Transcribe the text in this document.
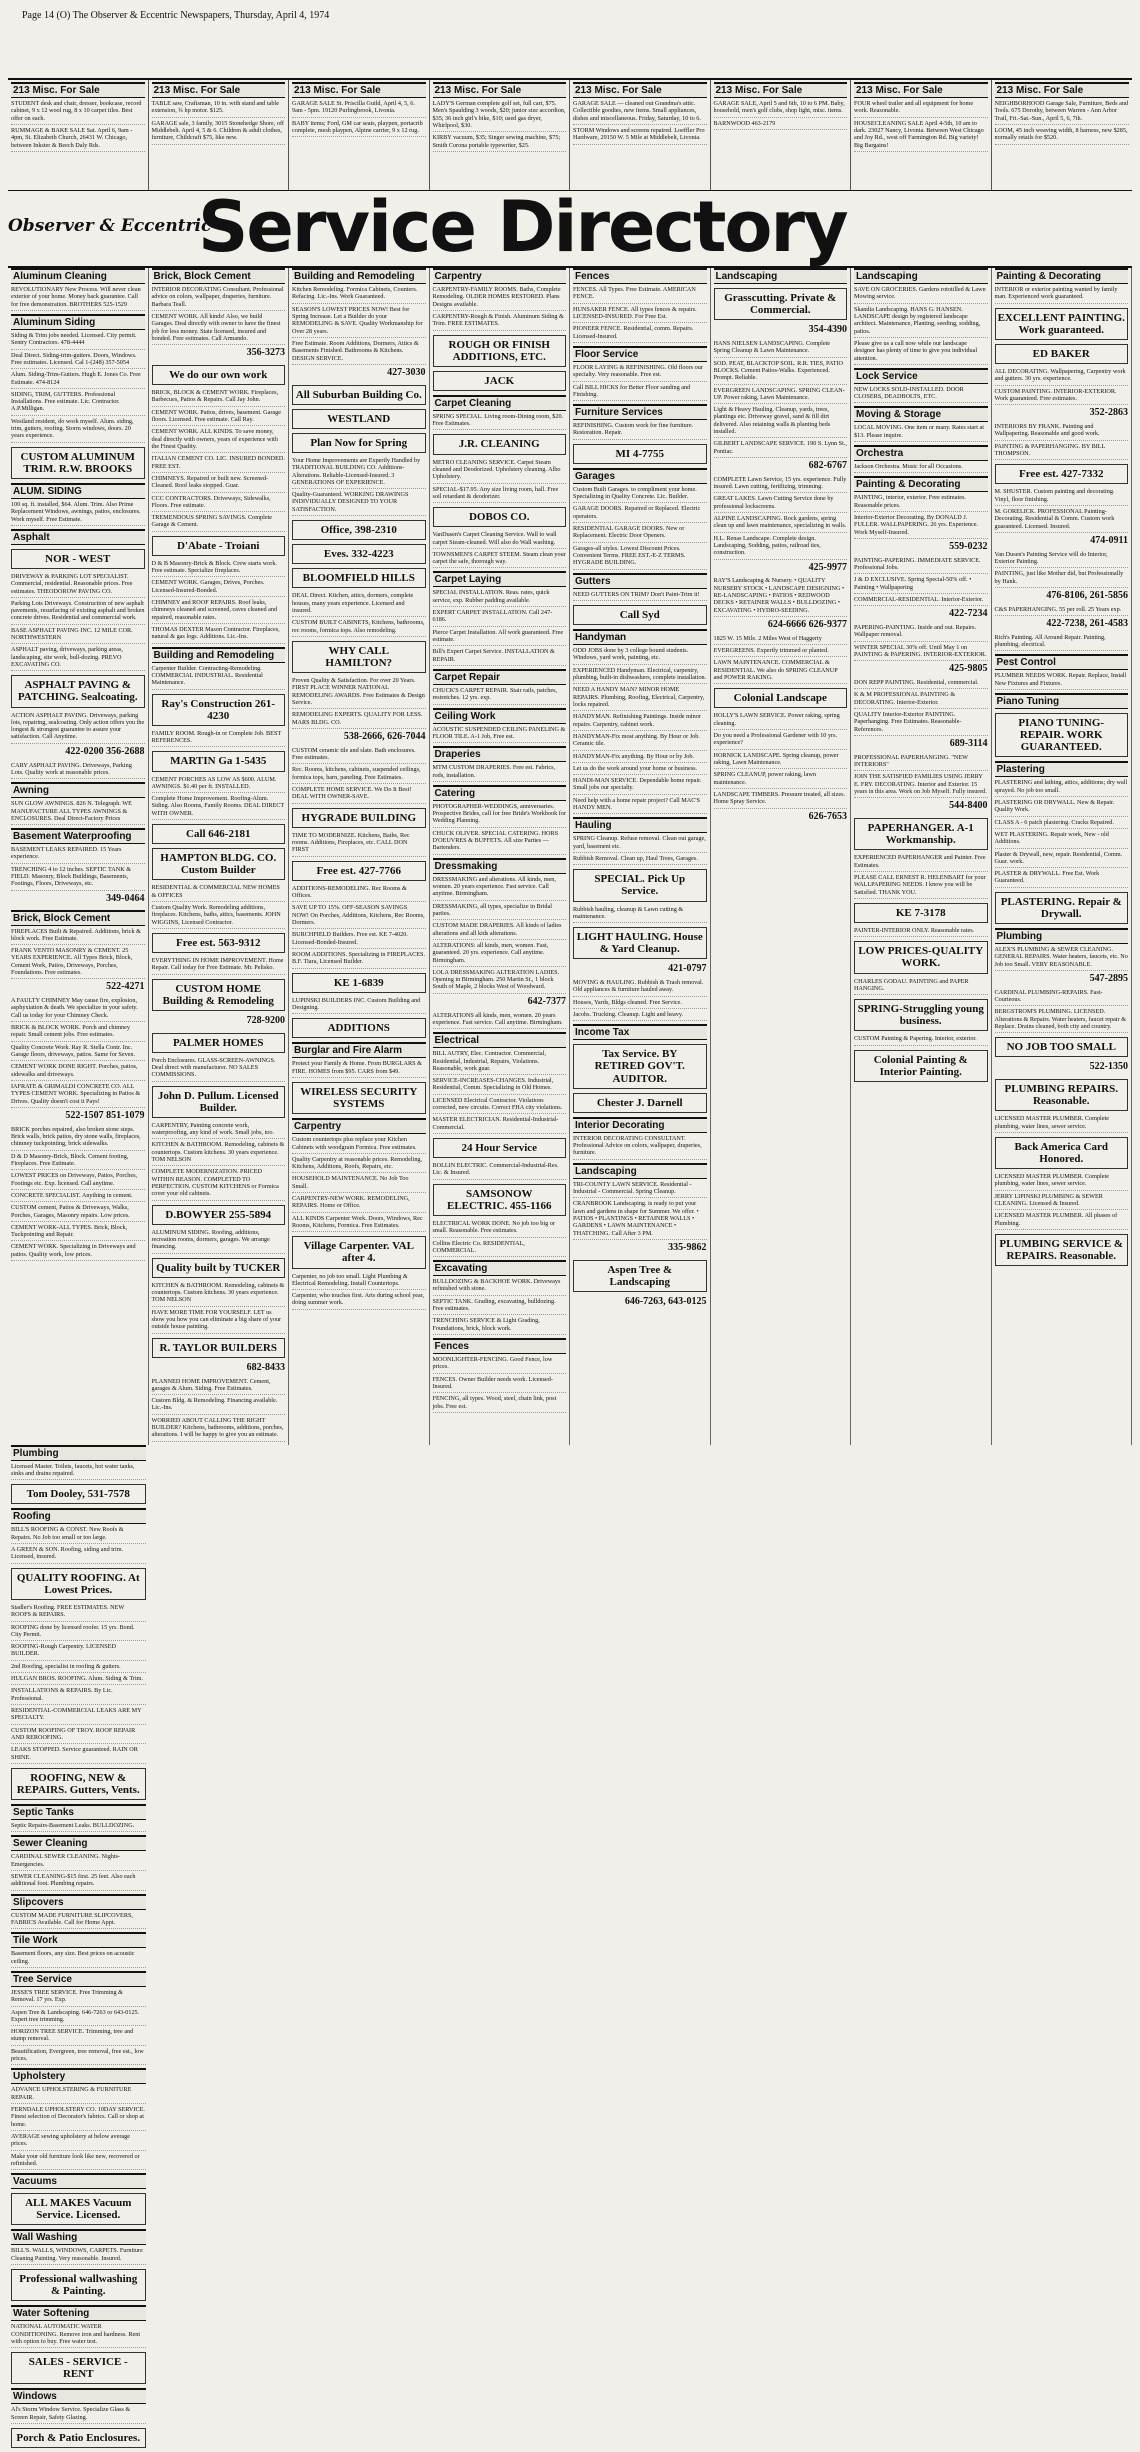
Page 14 (O) The Observer & Eccentric Newspapers, Thursday, April 4, 1974
213 Misc. For Sale
STUDENT desk and chair, dresser, bookcase, record cabinet, 9 x 12 wool rug, 8 x 10 carpet tiles. Best offer on each.
RUMMAGE & BAKE SALE Sat. April 6, 9am - 4pm, St. Elizabeth Church, 26431 W. Chicago, between Inkster & Beech Daly Rds.
213 Misc. For Sale
TABLE saw, Craftsman, 10 in. with stand and table extension, ¾ hp motor. $125.
GARAGE sale, 3 family, 3015 Stonehedge Shore, off Middlebelt. April 4, 5 & 6. Children & adult clothes, furniture, Childcraft $75, like new.
213 Misc. For Sale
GARAGE SALE St. Priscilla Guild, April 4, 5, 6. 9am - 5pm. 19120 Purlingbrook, Livonia.
BABY items; Ford, GM car seats, playpen, portacrib complete, mesh playpen, Alpine carrier, 9 x 12 rug.
213 Misc. For Sale
LADY'S German complete golf set, full cart, $75. Men's Spaulding 3 woods, $20; junior size accordion, $35; 36 inch girl's bike, $10; used gas dryer, Whirlpool, $30.
KIRBY vacuum, $35; Singer sewing machine, $75; Smith Corona portable typewriter, $25.
213 Misc. For Sale
GARAGE SALE — cleaned out Grandma's attic. Collectible goodies, new items. Small appliances, dishes and miscellaneous. Friday, Saturday, 10 to 6.
STORM Windows and screens repaired. Loeffler Pro Hardware, 29150 W. 5 Mile at Middlebelt, Livonia.
213 Misc. For Sale
GARAGE SALE, April 5 and 6th, 10 to 6 PM. Baby, household, men's golf clubs, shop light, misc. items.
BARNWOOD 463-2179
213 Misc. For Sale
FOUR wheel trailer and all equipment for home work. Reasonable.
HOUSECLEANING SALE April 4-5th, 10 am to dark. 23027 Nancy, Livonia. Between West Chicago and Joy Rd., west off Farmington Rd. Big variety! Big Bargains!
213 Misc. For Sale
NEIGHBORHOOD Garage Sale, Furniture, Beds and Tools. 675 Dorothy, between Warren - Ann Arbor Trail, Fri.-Sat.-Sun., April 5, 6, 7th.
LOOM, 45 inch weaving width, 8 harness, new $285, normally retails for $520.
Observer & Eccentric
Service Directory
Aluminum Cleaning
REVOLUTIONARY New Process. Will never clean exterior of your home. Money back guarantee. Call for free demonstration. BROTHERS 525-1529
Aluminum Siding
Siding & Trim jobs needed. Licensed. City permit. Sentry Contractors. 478-4444
Deal Direct. Siding-trim-gutters. Doors, Windows. Free estimates. Licensed. Cal 1-(248) 357-5054
Alum. Siding-Trim-Gutters. Hugh E. Jones Co. Free Estimate. 474-8124
SIDING, TRIM, GUTTERS. Professional Installations. Free estimate. Lic. Contractor. A.P.Milligan.
Westland resident, do work myself. Alum. siding, trim, gutters, roofing. Storm windows, doors. 20 years experience.
CUSTOM ALUMINUM TRIM. R.W. BROOKS
ALUM. SIDING
100 sq. ft. installed, $64. Alum. Trim. Also Prime Replacement Windows, awnings, patios, enclosures. Work myself. Free Estimate.
Asphalt
NOR - WEST
DRIVEWAY & PARKING LOT SPECIALIST. Commercial, residential. Reasonable prices. Free estimates. THEODOROW PAVING CO.
Parking Lots Driveways. Construction of new asphalt pavements, resurfacing of existing asphalt and broken concrete drives. Residential and commercial work.
BASE ASPHALT PAVING INC. 12 MILE COR. NORTHWESTERN
ASPHALT paving, driveways, parking areas, landscaping, site work, bull-dozing. PREVO EXCAVATING CO.
ASPHALT PAVING & PATCHING. Sealcoating.
ACTION ASPHALT PAVING. Driveways, parking lots, repairing, sealcoating. Only action offers you the longest & strongest guarantee to assure your satisfaction. Call Anytime.
422-0200 356-2688
CARY ASPHALT PAVING. Driveways, Parking Lots. Quality work at reasonable prices.
Awning
SUN GLOW AWNINGS. 826 N. Telegraph. WE MANUFACTURE ALL TYPES AWNINGS & ENCLOSURES. Deal Direct-Factory Prices
Basement Waterproofing
BASEMENT LEAKS REPAIRED. 15 Years experience.
TRENCHING 4 to 12 inches. SEPTIC TANK & FIELD. Masonry, Block Buildings, Basements, Footings, Floors, Driveways, etc.
349-0464
Brick, Block Cement
FIREPLACES Built & Repaired. Additions, brick & block work. Free Estimate.
FRANK VENTO MASONRY & CEMENT. 25 YEARS EXPERIENCE. All Types Brick, Block, Cement Work, Patios, Driveways, Porches, Foundations. Free estimates.
522-4271
A FAULTY CHIMNEY May cause fire, explosion, asphyxiation & death. We specialize in your safety. Call us today for your Chimney Check.
BRICK & BLOCK WORK. Porch and chimney repair. Small cement jobs. Free estimates.
Quality Concrete Work. Ray R. Stella Contr. Inc. Garage floors, driveways, patios. Same for Seven.
CEMENT WORK DONE RIGHT. Porches, patios, sidewalks and driveways.
IAFRATE & GRIMALDI CONCRETE CO. ALL TYPES CEMENT WORK. Specializing in Patios & Drives. Quality doesn't cost it Pays!
522-1507 851-1079
BRICK porches repaired, also broken stone steps. Brick walls, brick patios, dry stone walls, fireplaces, chimney tuckpointing, brick sidewalks.
D & D Masonry-Brick, Block. Cement footing, Fireplaces. Free Estimate.
LOWEST PRICES on Driveways, Patios, Porches, Footings etc. Exp. licensed. Call anytime.
CONCRETE SPECIALIST. Anything in cement.
CUSTOM cement, Patios & Driveways, Walks, Porches, Garages, Masonry repairs. Low prices.
CEMENT WORK-ALL TYPES. Brick, Block, Tuckpointing and Repair.
CEMENT WORK. Specializing in Driveways and patios. Quality work, low prices.
Brick, Block Cement
INTERIOR DECORATING Consultant. Professional advice on colors, wallpaper, draperies, furniture. Barbara Teall.
CEMENT WORK. All kinds! Also, we build Garages. Deal directly with owner to have the finest job for less money. State licensed, insured and bonded. Free estimates. Call Armando.
356-3273
We do our own work
BRICK, BLOCK & CEMENT WORK. Fireplaces, Barbecues, Patios & Repairs. Call Jay John.
CEMENT WORK. Patios, drives, basement. Garage floors. Licensed. Free estimate. Call Ray.
CEMENT WORK. ALL KINDS. To save money, deal directly with owners, years of experience with the Finest Quality.
ITALIAN CEMENT CO. LIC. INSURED BONDED. FREE EST.
CHIMNEYS. Repaired or built new. Screened-Cleaned. Roof leaks stopped. Guar.
CCC CONTRACTORS. Driveways, Sidewalks, Floors. Free estimate.
TREMENDOUS SPRING SAVINGS. Complete Garage & Cement.
D'Abate - Troiani
D & B Masonry-Brick & Block. Crew starts work. Free estimate. Specialize fireplaces.
CEMENT WORK. Garages, Drives, Porches. Licensed-Insured-Bonded.
CHIMNEY and ROOF REPAIRS. Roof leaks, chimneys cleaned and screened, caves cleaned and repaired, reasonable rates.
THOMAS DEXTER Mason Contractor. Fireplaces, natural & gas logs. Additions. Lic.-Ins.
Building and Remodeling
Carpenter Builder. Contracting-Remodeling. COMMERCIAL INDUSTRIAL. Residential Maintenance.
Ray's Construction 261-4230
FAMILY ROOM. Rough-in or Complete Job. BEST REFERENCES.
MARTIN Ga 1-5435
CEMENT PORCHES AS LOW AS $600. ALUM. AWNINGS. $1.40 per ft. INSTALLED.
Complete Home Improvement. Roofing-Alum. Siding. Also Rooms, Family Rooms. DEAL DIRECT WITH OWNER.
Call 646-2181
HAMPTON BLDG. CO. Custom Builder
RESIDENTIAL & COMMERCIAL NEW HOMES & OFFICES
Custom Quality Work. Remodeling additions, fireplaces. Kitchens, baths, attics, basements. JOHN WIGGINS, Licensed Contractor.
Free est. 563-9312
EVERYTHING IN HOME IMPROVEMENT. Home Repair. Call today for Free Estimate. Mr. Pelisko.
CUSTOM HOME Building & Remodeling
728-9200
PALMER HOMES
Porch Enclosures. GLASS-SCREEN-AWNINGS. Deal direct with manufacturer. NO SALES COMMISSIONS.
John D. Pullum. Licensed Builder.
CARPENTRY, Painting concrete work, waterproofing, any kind of work. Small jobs, too.
KITCHEN & BATHROOM. Remodeling, cabinets & countertops. Custom kitchens. 30 years experience. TOM NELSON
COMPLETE MODERNIZATION. PRICED WITHIN REASON. COMPLETED TO PERFECTION. CUSTOM KITCHENS or Formica cover your old cabinets.
D.BOWYER 255-5894
ALUMINUM SIDING. Roofing, additions, recreation rooms, dormers, garages. We arrange financing.
Quality built by TUCKER
KITCHEN & BATHROOM. Remodeling, cabinets & countertops. Custom kitchens. 30 years experience. TOM NELSON
HAVE MORE TIME FOR YOURSELF. LET us show you how you can eliminate a big share of your outside house painting.
R. TAYLOR BUILDERS
682-8433
PLANNED HOME IMPROVEMENT. Cement, garages & Alum. Siding. Free Estimates.
Custom Bldg. & Remodeling. Financing available. Lic.-Ins.
WORRIED ABOUT CALLING THE RIGHT BUILDER? Kitchens, bathrooms, additions, porches, alterations. I will be happy to give you an estimate.
Building and Remodeling
Kitchen Remodeling. Formica Cabinets, Counters. Refacing. Lic.-Ins. Work Guaranteed.
SEASON'S LOWEST PRICES NOW! Best for Spring Increase. Let a Builder do your REMODELING & SAVE. Quality Workmanship for Over 28 years.
Free Estimate. Room Additions, Dormers, Attics & Basements Finished. Bathrooms & Kitchens. DESIGN SERVICE.
427-3030
All Suburban Building Co.
WESTLAND
Plan Now for Spring
Your Home Improvements are Expertly Handled by TRADITIONAL BUILDING CO. Additions-Alterations. Reliable-Licensed-Insured. 3 GENERATIONS OF EXPERIENCE.
Quality-Guaranteed. WORKING DRAWINGS INDIVIDUALLY DESIGNED TO YOUR SATISFACTION.
Office, 398-2310
Eves. 332-4223
BLOOMFIELD HILLS
DEAL Direct. Kitchen, attics, dormers, complete houses, many years experience. Licensed and insured.
CUSTOM BUILT CABINETS, Kitchens, bathrooms, rec rooms, formica tops. Also remodeling.
WHY CALL HAMILTON?
Proven Quality & Satisfaction. For over 20 Years. FIRST PLACE WINNER NATIONAL REMODELING AWARDS. Free Estimates & Design Service.
REMODELING EXPERTS. QUALITY FOR LESS. MARS BLDG. CO.
538-2666, 626-7044
CUSTOM ceramic tile and slate. Bath enclosures. Free estimates.
Rec. Rooms, kitchens, cabinets, suspended ceilings, formica tops, barn, paneling. Free Estimates.
COMPLETE HOME SERVICE. We Do It Best! DEAL WITH OWNER-SAVE.
HYGRADE BUILDING
TIME TO MODERNIZE. Kitchens, Baths, Rec rooms. Additions, Fireplaces, etc. CALL DON FIRST
Free est. 427-7766
ADDITIONS-REMODELING. Rec Rooms & Offices.
SAVE UP TO 15%. OFF-SEASON SAVINGS NOW! On Porches, Additions, Kitchens, Rec Rooms, Dormers.
BURCHFIELD Builders. Free est. KE 7-4020. Licensed-Bonded-Insured.
ROOM ADDITIONS. Specializing in FIREPLACES. B.F. Tiara, Licensed Builder.
KE 1-6839
LUPINSKI BUILDERS INC. Custom Building and Designing.
ADDITIONS
Burglar and Fire Alarm
Protect your Family & Home. From BURGLARS & FIRE. HOMES from $95. CARS from $49.
WIRELESS SECURITY SYSTEMS
Carpentry
Custom countertops plus replace your Kitchen Cabinets with woodgrain Formica. Free estimates.
Quality Carpentry at reasonable prices. Remodeling, Kitchens, Additions, Roofs, Repairs, etc.
HOUSEHOLD MAINTENANCE. No Job Too Small.
CARPENTRY-NEW WORK. REMODELING, REPAIRS. Home or Office.
ALL KINDS Carpenter Work. Doors, Windows, Rec Rooms, Kitchens, Formica. Free Estimates.
Village Carpenter. VAL after 4.
Carpenter, no job too small. Light Plumbing & Electrical Remodeling. Install Countertops.
Carpenter, who touches first. Arts during school year, doing summer work.
Carpentry
CARPENTRY-FAMILY ROOMS. Baths, Complete Remodeling. OLDER HOMES RESTORED. Plans Designs available.
CARPENTRY-Rough & Finish. Aluminum Siding & Trim. FREE ESTIMATES.
ROUGH OR FINISH ADDITIONS, ETC.
JACK
Carpet Cleaning
SPRING SPECIAL. Living room-Dining room, $20. Free Estimates.
J.R. CLEANING
METRO CLEANING SERVICE. Carpet Steam cleaned and Deodorized. Upholstery cleaning. Albo Upholstery.
SPECIAL-$17.95. Any size living room, hall. Free soil retardant & deodorizer.
DOBOS CO.
VanDusen's Carpet Cleaning Service. Wall to wall carpet Steam-cleaned. Will also do Wall washing.
TOWNSMEN'S CARPET STEEM. Steam clean your carpet the safe, thorough way.
Carpet Laying
SPECIAL INSTALLATION. Reas. rates, quick service, exp. Rubber padding available.
EXPERT CARPET INSTALLATION. Call 247-6186.
Pierce Carpet Installation. All work guaranteed. Free estimate.
Bill's Expert Carpet Service. INSTALLATION & REPAIR.
Carpet Repair
CHUCK'S CARPET REPAIR. Stair rails, patches, restretches. 12 yrs. exp.
Ceiling Work
ACOUSTIC SUSPENDED CEILING PANELING & FLOOR TILE. A-1 Job, Free est.
Draperies
MTM CUSTOM DRAPERIES. Free est. Fabrics, rods, installation.
Catering
PHOTOGRAPHER-WEDDINGS, anniversaries. Prospective Brides, call for free Bride's Workbook for Wedding Planning.
CHUCK OLIVER. SPECIAL CATERING. HORS D'OEUVRES & BUFFETS. All size Parties — Bartenders.
Dressmaking
DRESSMAKING and alterations. All kinds, men, women. 20 years experience. Fast service. Call anytime. Birmingham.
DRESSMAKING, all types, specialize in Bridal parties.
CUSTOM MADE DRAPERIES. All kinds of ladies alterations and all kids alterations.
ALTERATIONS: all kinds, men, women. Fast, guaranteed. 20 yrs. experience. Call anytime. Birmingham.
LOLA DRESSMAKING ALTERATION LADIES. Opening in Birmingham. 250 Martin St., 1 block South of Maple, 2 blocks West of Woodward.
642-7377
ALTERATIONS all kinds, men, women. 20 years experience. Fast service. Call anytime. Birmingham.
Electrical
BILL AUTRY, Elec. Contractor. Commercial, Residential, Industrial, Repairs, Violations. Reasonable, work guar.
SERVICE-INCREASES-CHANGES. Industrial, Residential, Comm. Specializing in Old Homes.
LICENSED Electrical Contractor. Violations corrected, new circuits. Correct FHA city violations.
MASTER ELECTRICIAN. Residential-Industrial-Commercial.
24 Hour Service
BOLLIN ELECTRIC. Commercial-Industrial-Res. Lic. & Insured.
SAMSONOW ELECTRIC. 455-1166
ELECTRICAL WORK DONE. No job too big or small. Reasonable. Free estimates.
Collins Electric Co. RESIDENTIAL, COMMERCIAL.
Excavating
BULLDOZING & BACKHOE WORK. Driveways refinished with stone.
SEPTIC TANK. Grading, excavating, bulldozing. Free estimates.
TRENCHING SERVICE & Light Grading, Foundations, brick, block work.
Fences
MOONLIGHTER-FENCING. Good Fence, low prices.
FENCES. Owner Builder needs work. Licensed-Insured.
FENCING, all types. Wood, steel, chain link, post jobs. Free est.
Fences
FENCES. All Types. Free Estimate. AMERICAN FENCE.
HUNSAKER FENCE. All types fences & repairs. LICENSED-INSURED. For Free Est.
PIONEER FENCE. Residential, comm. Repairs. Licensed-Insured.
Floor Service
FLOOR LAYING & REFINISHING. Old floors our specialty. Very reasonable. Free est.
Call BILL HICKS for Better Floor sanding and Finishing.
Furniture Services
REFINISHING. Custom work for fine furniture. Restoration. Repair.
MI 4-7755
Garages
Custom Built Garages. to compliment your home. Specializing in Quality Concrete. Lic. Builder.
GARAGE DOORS. Repaired or Replaced. Electric operators.
RESIDENTIAL GARAGE DOORS. New or Replacement. Electric Door Openers.
Garages-all styles. Lowest Discount Prices. Convenient Terms. FREE EST.-E-Z TERMS. HYGRADE BUILDING.
Gutters
NEED GUTTERS ON TRIM? Don't Paint-Trim it!
Call Syd
Handyman
ODD JOBS done by 3 college bound students. Windows, yard work, painting, etc.
EXPERIENCED Handyman. Electrical, carpentry, plumbing, built-in dishwashers, complete installation.
NEED A HANDY MAN? MINOR HOME REPAIRS. Plumbing, Roofing, Electrical, Carpentry, locks repaired.
HANDYMAN. Refinishing Paintings. Inside minor repairs. Carpentry, cabinet work.
HANDYMAN-Fix most anything. By Hour or Job. Ceramic tile.
HANDYMAN-Fix anything. By Hour or by Job.
Let us do the work around your home or business.
HANDI-MAN SERVICE. Dependable home repair. Small jobs our specialty.
Need help with a home repair project? Call MAC'S HANDY MEN.
Hauling
SPRING Cleanup. Refuse removal. Clean out garage, yard, basement etc.
Rubbish Removal. Clean up, Haul Trees, Garages.
SPECIAL. Pick Up Service.
Rubbish hauling, cleanup & Lawn cutting & maintenance.
LIGHT HAULING. House & Yard Cleanup.
421-0797
MOVING & HAULING. Rubbish & Trash removal. Old appliances & furniture hauled away.
Houses, Yards, Bldgs cleaned. Free Service.
Jacobs. Trucking. Cleanup. Light and heavy.
Income Tax
Tax Service. BY RETIRED GOV'T. AUDITOR.
Chester J. Darnell
Interior Decorating
INTERIOR DECORATING CONSULTANT. Professional Advice on colors, wallpaper, draperies, furniture.
Landscaping
TRI-COUNTY LAWN SERVICE. Residential - Industrial - Commercial. Spring Cleanup.
CRANBROOK Landscaping. is ready to put your lawn and gardens in shape for Summer. We offer. • PATIOS • PLANTINGS • RETAINER WALLS • GARDENS • LAWN MAINTENANCE • THATCHING. Call After 3 PM.
335-9862
Aspen Tree & Landscaping
646-7263, 643-0125
Landscaping
Grasscutting. Private & Commercial.
354-4390
HANS NIELSEN LANDSCAPING. Complete Spring Cleanup & Lawn Maintenance.
SOD. PEAT, BLACKTOP SOIL. R.R. TIES, PATIO BLOCKS. Cement Patios-Walks. Experienced. Prompt. Reliable.
EVERGREEN LANDSCAPING. SPRING CLEAN-UP. Power raking, Lawn Maintenance.
Light & Heavy Hauling. Cleanup, yards, trees, plantings etc. Driveway gravel, sand & fill dirt delivered. Also retaining walls & planting beds installed.
GILBERT LANDSCAPE SERVICE. 190 S. Lynn St., Pontiac.
682-6767
COMPLETE Lawn Service, 15 yrs. experience. Fully insured. Lawn cutting, fertilizing, trimming.
GREAT LAKES. Lawn Cutting Service done by professional lockscreens.
ALPINE LANDSCAPING. Rock gardens, spring clean up and lawn maintenance, specializing in walls.
H.L. Renas Landscape. Complete design. Landscaping, Sodding, patios, railroad ties, construction.
425-9977
RAY'S Landscaping & Nursery. • QUALITY NURSERY STOCK • LANDSCAPE DESIGNING • RE-LANDSCAPING • PATIOS • REDWOOD DECKS • RETAINER WALLS • BULLDOZING • EXCAVATING • HYDRO-SEEDING.
624-6666 626-9377
1825 W. 15 Mile. 2 Miles West of Haggerty
EVERGREENS. Expertly trimmed or planted.
LAWN MAINTENANCE. COMMERCIAL & RESIDENTIAL. We also do SPRING CLEANUP and POWER RAKING.
Colonial Landscape
HOLLY'S LAWN SERVICE. Power raking, spring cleaning.
Do you need a Professional Gardener with 10 yrs. experience?
HORNICK LANDSCAPE. Spring cleanup, power raking, Lawn Maintenance.
SPRING CLEANUP, power raking, lawn maintenance.
LANDSCAPE TIMBERS. Pressure treated, all sizes. Home Spray Service.
626-7653
Landscaping
SAVE ON GROCERIES. Gardens rototilled & Lawn Mowing service.
Skandia Landscaping. HANS G. HANSEN. LANDSCAPE design by registered landscape architect. Maintenance, Planting, seeding, sodding, patios.
Please give us a call now while our landscape designer has plenty of time to give you individual attention.
Lock Service
NEW LOCKS SOLD-INSTALLED. DOOR CLOSERS, DEADBOLTS, ETC.
Moving & Storage
LOCAL MOVING. One item or many. Rates start at $13. Please inquire.
Orchestra
Jackson Orchestra. Music for all Occasions.
Painting & Decorating
PAINTING, interior, exterior. Free estimates. Reasonable prices.
Interior-Exterior Decorating. By DONALD J. FULLER. WALLPAPERING. 26 yrs. Experience. Work Myself-Insured.
559-0232
PAINTING-PAPERING. IMMEDIATE SERVICE. Professional Jobs.
J & D EXCLUSIVE. Spring Special-50% off. • Painting • Wallpapering
COMMERCIAL-RESIDENTIAL. Interior-Exterior.
422-7234
PAPERING-PAINTING. Inside and out. Repairs. Wallpaper removal.
WINTER SPECIAL 30% off. Until May 1 on PAINTING & PAPERING. INTERIOR-EXTERIOR.
425-9805
DON REPP PAINTING. Residential, commercial.
K & M PROFESSIONAL PAINTING & DECORATING. Interior-Exterior.
QUALITY Interior-Exterior PAINTING. Paperhanging. Free Estimates. Reasonable-References.
689-3114
PROFESSIONAL PAPERHANGING. "NEW INTERIORS"
JOIN THE SATISFIED FAMILIES USING JERRY E. FRY. DECORATING. Interior and Exterior. 15 years in this area. Work on Job Myself. Fully insured.
544-8400
PAPERHANGER. A-1 Workmanship.
EXPERIENCED PAPERHANGER and Painter. Free Estimates.
PLEASE CALL ERNEST R. HELENBART for your WALLPAPERING NEEDS. I know you will be Satisfied. THANK YOU.
KE 7-3178
PAINTER-INTERIOR ONLY. Reasonable rates.
LOW PRICES-QUALITY WORK.
CHARLES GODAU. PAINTING and PAPER HANGING.
SPRING-Struggling young business.
CUSTOM Painting & Papering. Interior, exterior.
Colonial Painting & Interior Painting.
Painting & Decorating
INTERIOR or exterior painting wanted by family man. Experienced work guaranteed.
EXCELLENT PAINTING. Work guaranteed.
ED BAKER
ALL DECORATING. Wallpapering, Carpentry work and gutters. 30 yrs. experience.
CUSTOM PAINTING. INTERIOR-EXTERIOR. Work guaranteed. Free estimates.
352-2863
INTERIORS BY FRANK. Painting and Wallpapering. Reasonable and good work.
PAINTING & PAPERHANGING. BY BILL THOMPSON.
Free est. 427-7332
M. SHUSTER. Custom painting and decorating. Vinyl, floor finishing.
M. GORELICK. PROFESSIONAL Painting-Decorating. Residential & Comm. Custom work guaranteed. Licensed. Insured.
474-0911
Van Dusen's Painting Service will do Interior, Exterior Painting.
PAINTING, just like Mother did, but Professionally by Hank.
476-8106, 261-5856
C&S PAPERHANGING. 55 per roll. 25 Years exp.
422-7238, 261-4583
Rich's Painting. All Around Repair. Painting, plumbing, electrical.
Pest Control
PLUMBER NEEDS WORK. Repair. Replace, Install New Fixtures and Fixtures.
Piano Tuning
PIANO TUNING-REPAIR. WORK GUARANTEED.
Plastering
PLASTERING and lathing, attics, additions; dry wall sprayed. No job too small.
PLASTERING OR DRYWALL. New & Repair. Quality Work.
CLASS A - 6 patch plastering. Cracks Repaired.
WET PLASTERING. Repair work, New - old Additions.
Plaster & Drywall, new, repair. Residential, Comm. Guar. work.
PLASTER & DRYWALL. Free Est. Work Guaranteed.
PLASTERING. Repair & Drywall.
Plumbing
ALEX'S PLUMBING & SEWER CLEANING. GENERAL REPAIRS. Water heaters, faucets, etc. No Job too Small. VERY REASONABLE.
547-2895
CARDINAL PLUMBING-REPAIRS. Fast-Courteous.
BERGSTROM'S PLUMBING. LICENSED. Alterations & Repairs. Water heaters, faucet repair & Replace. Drains cleaned, both city and country.
NO JOB TOO SMALL
522-1350
PLUMBING REPAIRS. Reasonable.
LICENSED MASTER PLUMBER. Complete plumbing, water lines, sewer service.
Back America Card Honored.
LICENSED MASTER PLUMBER. Complete plumbing, water lines, sewer service.
JERRY LIPINSKI PLUMBING & SEWER CLEANING. Licensed & Insured.
LICENSED MASTER PLUMBER. All phases of Plumbing.
PLUMBING SERVICE & REPAIRS. Reasonable.
Plumbing
Licensed Master. Toilets, faucets, hot water tanks, sinks and drains repaired.
Tom Dooley, 531-7578
Roofing
BILL'S ROOFING & CONST. New Roofs & Repairs. No Job too small or too large.
A GREEN & SON. Roofing, siding and trim. Licensed, insured.
QUALITY ROOFING. At Lowest Prices.
Stadler's Roofing. FREE ESTIMATES. NEW ROOFS & REPAIRS.
ROOFING done by licensed roofer. 15 yrs. Bond. City Permit.
ROOFING-Rough Carpentry. LICENSED BUILDER.
2nd Roofing, specialist in roofing & gutters.
HULGAN BROS. ROOFING. Alum. Siding & Trim.
INSTALLATIONS & REPAIRS. By Lic. Professional.
RESIDENTIAL-COMMERCIAL LEAKS ARE MY SPECIALTY.
CUSTOM ROOFING OF TROY. ROOF REPAIR AND REROOFING.
LEAKS STOPPED. Service guaranteed. RAIN OR SHINE.
ROOFING, NEW & REPAIRS. Gutters, Vents.
Septic Tanks
Septic Repairs-Basement Leaks. BULLDOZING.
Sewer Cleaning
CARDINAL SEWER CLEANING. Nights-Emergencies.
SEWER CLEANING-$15 first. 25 feet. Also each additional foot. Plumbing repairs.
Slipcovers
CUSTOM MADE FURNITURE SLIPCOVERS, FABRICS Available. Call for Home Appt.
Tile Work
Basement floors, any size. Best prices on acoustic ceiling.
Tree Service
JESSE'S TREE SERVICE. Free Trimming & Removal. 17 yrs. Exp.
Aspen Tree & Landscaping. 646-7263 or 643-0125. Expert tree trimming.
HORIZON TREE SERVICE. Trimming, tree and stump removal.
Beautification, Evergreen, tree removal, free est., low prices.
Upholstery
ADVANCE UPHOLSTERING & FURNITURE REPAIR.
FERNDALE UPHOLSTERY CO. 10DAY SERVICE. Finest selection of Decorator's fabrics. Call or shop at home.
AVERAGE sewing upholstery at below average prices.
Make your old furniture look like new, recovered or refinished.
Vacuums
ALL MAKES Vacuum Service. Licensed.
Wall Washing
BILL'S. WALLS, WINDOWS, CARPETS. Furniture Cleaning Painting. Very reasonable. Insured.
Professional wallwashing & Painting.
Water Softening
NATIONAL AUTOMATIC WATER CONDITIONING. Remove iron and hardness. Rent with option to buy. Free water test.
SALES - SERVICE - RENT
Windows
Al's Storm Window Service. Specialize Glass & Screen Repair, Safety Glazing.
Porch & Patio Enclosures.
